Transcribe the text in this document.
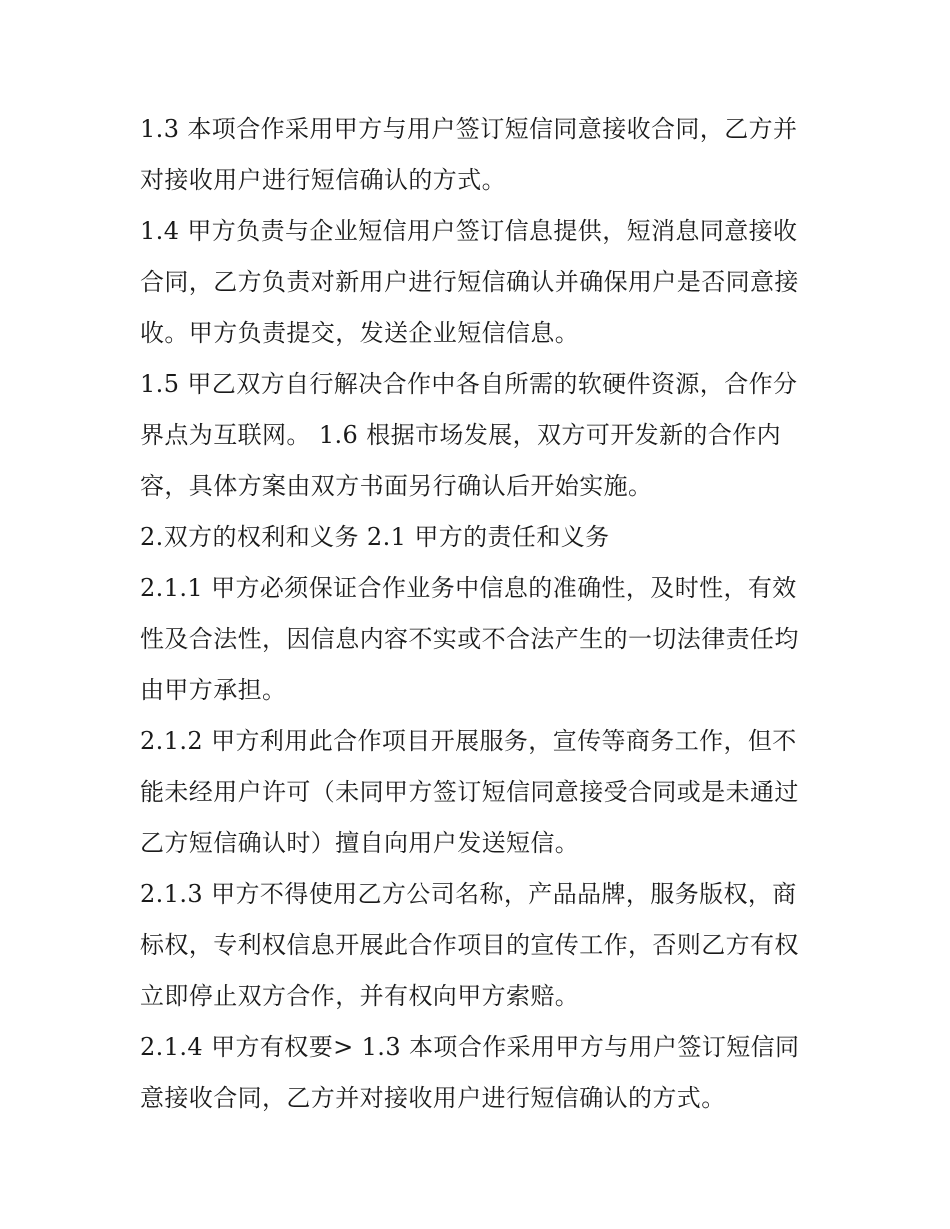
1.3 本项合作采用甲方与用户签订短信同意接收合同，乙方并对接收用户进行短信确认的方式。

1.4 甲方负责与企业短信用户签订信息提供，短消息同意接收合同，乙方负责对新用户进行短信确认并确保用户是否同意接收。甲方负责提交，发送企业短信信息。

1.5 甲乙双方自行解决合作中各自所需的软硬件资源，合作分界点为互联网。 1.6 根据市场发展，双方可开发新的合作内容，具体方案由双方书面另行确认后开始实施。

2.双方的权利和义务 2.1 甲方的责任和义务

2.1.1 甲方必须保证合作业务中信息的准确性，及时性，有效性及合法性，因信息内容不实或不合法产生的一切法律责任均由甲方承担。

2.1.2 甲方利用此合作项目开展服务，宣传等商务工作，但不能未经用户许可（未同甲方签订短信同意接受合同或是未通过乙方短信确认时）擅自向用户发送短信。

2.1.3 甲方不得使用乙方公司名称，产品品牌，服务版权，商标权，专利权信息开展此合作项目的宣传工作，否则乙方有权立即停止双方合作，并有权向甲方索赔。

2.1.4 甲方有权要> 1.3 本项合作采用甲方与用户签订短信同意接收合同，乙方并对接收用户进行短信确认的方式。
